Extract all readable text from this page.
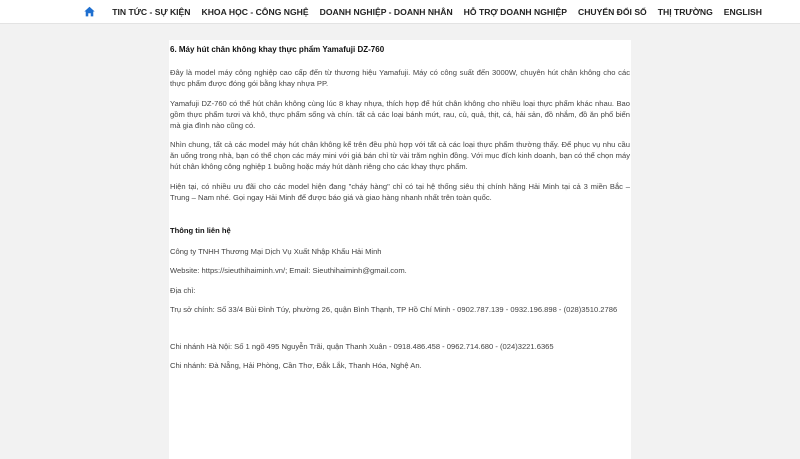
TIN TỨC - SỰ KIỆN KHOA HỌC - CÔNG NGHỆ DOANH NGHIỆP - DOANH NHÂN HỖ TRỢ DOANH NGHIỆP CHUYỂN ĐỔI SỐ THỊ TRƯỜNG ENGLISH
6. Máy hút chân không khay thực phẩm Yamafuji DZ-760

Đây là model máy công nghiệp cao cấp đến từ thương hiệu Yamafuji. Máy có công suất đến 3000W, chuyên hút chân không cho các thực phẩm được đóng gói bằng khay nhựa PP.

Yamafuji DZ-760 có thể hút chân không cùng lúc 8 khay nhựa, thích hợp để hút chân không cho nhiều loại thực phẩm khác nhau. Bao gồm thực phẩm tươi và khô, thực phẩm sống và chín. tất cả các loại bánh mứt, rau, củ, quả, thịt, cá, hải sản, đồ nhắm, đồ ăn phổ biến mà gia đình nào cũng có.

Nhìn chung, tất cả các model máy hút chân không kể trên đều phù hợp với tất cả các loại thực phẩm thường thấy. Để phục vụ nhu cầu ăn uống trong nhà, bạn có thể chọn các máy mini với giá bán chỉ từ vài trăm nghìn đồng. Với mục đích kinh doanh, bạn có thể chọn máy hút chân không công nghiệp 1 buồng hoặc máy hút dành riêng cho các khay thực phẩm.

Hiện tại, có nhiều ưu đãi cho các model hiện đang "cháy hàng" chỉ có tại hệ thống siêu thị chính hãng Hải Minh tại cả 3 miền Bắc – Trung – Nam nhé. Gọi ngay Hải Minh để được báo giá và giao hàng nhanh nhất trên toàn quốc.

Thông tin liên hệ

Công ty TNHH Thương Mại Dịch Vụ Xuất Nhập Khẩu Hải Minh

Website: https://sieuthihaiminh.vn/; Email: Sieuthihaiminh@gmail.com.

Địa chỉ:

Trụ sở chính: Số 33/4 Bùi Đình Túy, phường 26, quận Bình Thạnh, TP Hồ Chí Minh - 0902.787.139 - 0932.196.898 - (028)3510.2786

Chi nhánh Hà Nội: Số 1 ngõ 495 Nguyễn Trãi, quận Thanh Xuân - 0918.486.458 - 0962.714.680 - (024)3221.6365

Chi nhánh: Đà Nẵng, Hải Phòng, Cần Thơ, Đắk Lắk, Thanh Hóa, Nghệ An.
